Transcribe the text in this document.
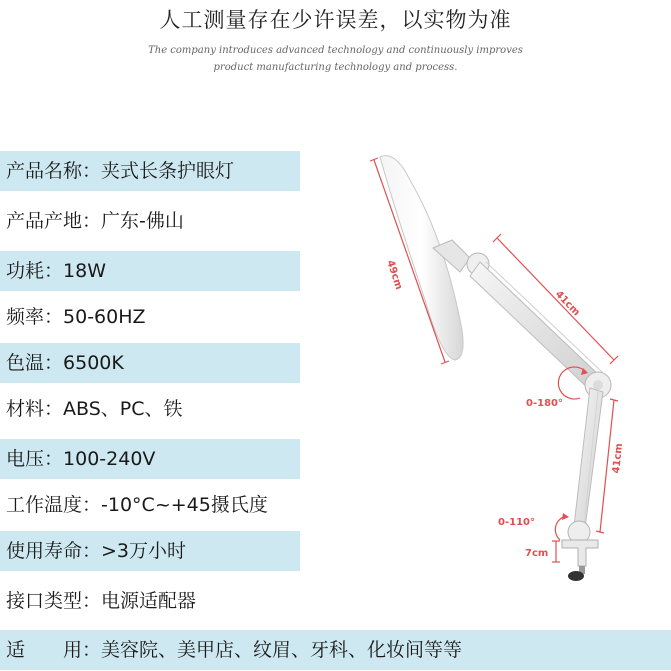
人工测量存在少许误差，以实物为准
The company introduces advanced technology and continuously improves
product manufacturing technology and process.
产品名称：夹式长条护眼灯
产品产地：广东-佛山
功耗：18W
频率：50-60HZ
色温：6500K
材料：ABS、PC、铁
电压：100-240V
工作温度：-10°C~+45摄氏度
使用寿命：>3万小时
接口类型：电源适配器
适　　用：美容院、美甲店、纹眉、牙科、化妆间等等
49cm
41cm
41cm
0-180°
0-110°
7cm
